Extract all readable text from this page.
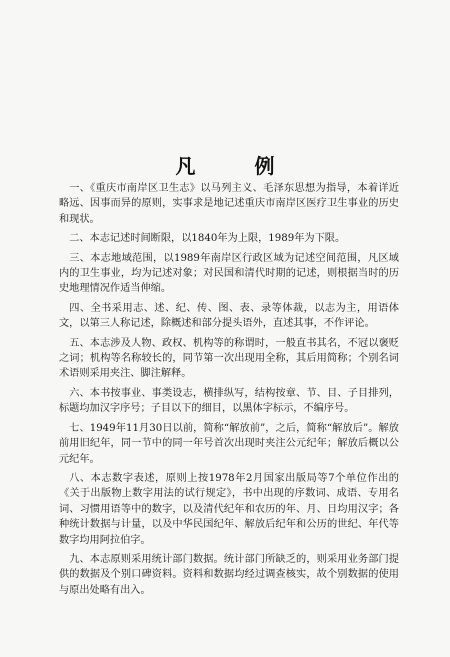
凡 例

一、《重庆市南岸区卫生志》以马列主义、毛泽东思想为指导，本着详近略远、因事而异的原则，实事求是地记述重庆市南岸区医疗卫生事业的历史和现状。

二、本志记述时间断限，以1840年为上限，1989年为下限。

三、本志地域范围，以1989年南岸区行政区域为记述空间范围，凡区域内的卫生事业，均为记述对象；对民国和清代时期的记述，则根据当时的历史地理情况作适当伸缩。

四、全书采用志、述、纪、传、图、表、录等体裁，以志为主，用语体文，以第三人称记述，除概述和部分提头语外，直述其事，不作评论。

五、本志涉及人物、政权、机构等的称谓时，一般直书其名，不冠以褒贬之词；机构等名称较长的，同节第一次出现用全称，其后用简称；个别名词术语则采用夹注、脚注解释。

六、本书按事业、事类设志，横排纵写，结构按章、节、目、子目排列，标题均加汉字序号；子目以下的细目，以黑体字标示，不编序号。

七、1949年11月30日以前，简称“解放前”，之后，简称“解放后”。解放前用旧纪年，同一节中的同一年号首次出现时夹注公元纪年；解放后概以公元纪年。

八、本志数字表述，原则上按1978年2月国家出版局等7个单位作出的《关于出版物上数字用法的试行规定》，书中出现的序数词、成语、专用名词、习惯用语等中的数字，以及清代纪年和农历的年、月、日均用汉字；各种统计数据与计量，以及中华民国纪年、解放后纪年和公历的世纪、年代等数字均用阿拉伯字。

九、本志原则采用统计部门数据。统计部门所缺乏的，则采用业务部门提供的数据及个别口碑资料。资料和数据均经过调查核实，故个别数据的使用与原出处略有出入。
